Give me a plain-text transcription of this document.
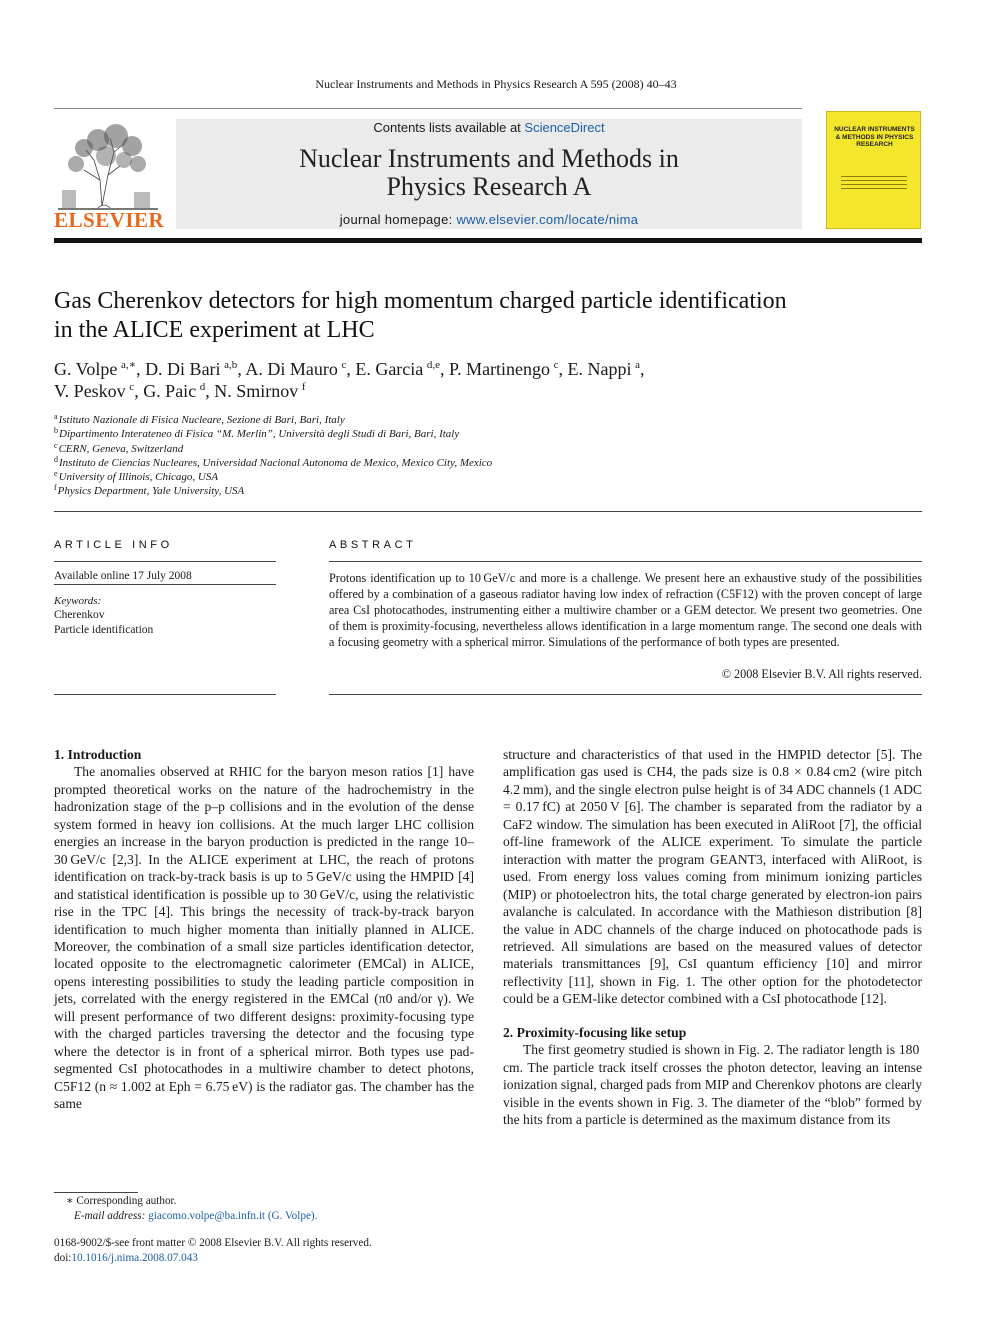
Nuclear Instruments and Methods in Physics Research A 595 (2008) 40–43
ELSEVIER
Contents lists available at ScienceDirect
Nuclear Instruments and Methods in
Physics Research A
journal homepage: www.elsevier.com/locate/nima
NUCLEAR INSTRUMENTS & METHODS IN PHYSICS RESEARCH
Gas Cherenkov detectors for high momentum charged particle identification
in the ALICE experiment at LHC
G. Volpe  $^{a,∗}$, D. Di Bari  $^{a,b}$, A. Di Mauro  $^c$, E. Garcia  $^{d,e}$, P. Martinengo  $^c$, E. Nappi  $^a$,
V. Peskov  $^c$, G. Paic  $^d$, N. Smirnov  $^f$
$^a$Istituto Nazionale di Fisica Nucleare, Sezione di Bari, Bari, Italy
$^b$Dipartimento Interateneo di Fisica “M. Merlin”, Università degli Studi di Bari, Bari, Italy
$^c$CERN, Geneva, Switzerland
$^d$Instituto de Ciencias Nucleares, Universidad Nacional Autonoma de Mexico, Mexico City, Mexico
$^e$University of Illinois, Chicago, USA
$^f$Physics Department, Yale University, USA
ARTICLE INFO	ABSTRACT
Available online 17 July 2008
Keywords:
Cherenkov
Particle identification
Protons identification up to 10 GeV/c and more is a challenge. We present here an exhaustive study of the possibilities offered by a combination of a gaseous radiator having low index of refraction (C5F12) with the proven concept of large area CsI photocathodes, instrumenting either a multiwire chamber or a GEM detector. We present two geometries. One of them is proximity-focusing, nevertheless allows identification in a large momentum range. The second one deals with a focusing geometry with a spherical mirror. Simulations of the performance of both types are presented.
© 2008 Elsevier B.V. All rights reserved.

1. Introduction

The anomalies observed at RHIC for the baryon meson ratios [1] have prompted theoretical works on the nature of the hadrochemistry in the hadronization stage of the p–p collisions and in the evolution of the dense system formed in heavy ion collisions. At the much larger LHC collision energies an increase in the baryon production is predicted in the range 10–30 GeV/c [2,3]. In the ALICE experiment at LHC, the reach of protons identification on track-by-track basis is up to 5 GeV/c using the HMPID [4] and statistical identification is possible up to 30 GeV/c, using the relativistic rise in the TPC [4]. This brings the necessity of track-by-track baryon identification to much higher momenta than initially planned in ALICE. Moreover, the combination of a small size particles identification detector, located opposite to the electromagnetic calorimeter (EMCal) in ALICE, opens interesting possibilities to study the leading particle composition in jets, correlated with the energy registered in the EMCal (π0 and/or γ). We will present performance of two different designs: proximity-focusing type with the charged particles traversing the detector and the focusing type where the detector is in front of a spherical mirror. Both types use pad-segmented CsI photocathodes in a multiwire chamber to detect photons, C5F12 (n ≈ 1.002 at Eph = 6.75 eV) is the radiator gas. The chamber has the same

structure and characteristics of that used in the HMPID detector [5]. The amplification gas used is CH4, the pads size is 0.8 × 0.84 cm2 (wire pitch 4.2 mm), and the single electron pulse height is of 34 ADC channels (1 ADC = 0.17 fC) at 2050 V [6]. The chamber is separated from the radiator by a CaF2 window. The simulation has been executed in AliRoot [7], the official off-line framework of the ALICE experiment. To simulate the particle interaction with matter the program GEANT3, interfaced with AliRoot, is used. From energy loss values coming from minimum ionizing particles (MIP) or photoelectron hits, the total charge generated by electron-ion pairs avalanche is calculated. In accordance with the Mathieson distribution [8] the value in ADC channels of the charge induced on photocathode pads is retrieved. All simulations are based on the measured values of detector materials transmittances [9], CsI quantum efficiency [10] and mirror reflectivity [11], shown in Fig. 1. The other option for the photodetector could be a GEM-like detector combined with a CsI photocathode [12].

2. Proximity-focusing like setup

The first geometry studied is shown in Fig. 2. The radiator length is 180 cm. The particle track itself crosses the photon detector, leaving an intense ionization signal, charged pads from MIP and Cherenkov photons are clearly visible in the events shown in Fig. 3. The diameter of the “blob” formed by the hits from a particle is determined as the maximum distance from its

∗ Corresponding author.
E-mail address: giacomo.volpe@ba.infn.it (G. Volpe).
0168-9002/$-see front matter © 2008 Elsevier B.V. All rights reserved.
doi:10.1016/j.nima.2008.07.043
